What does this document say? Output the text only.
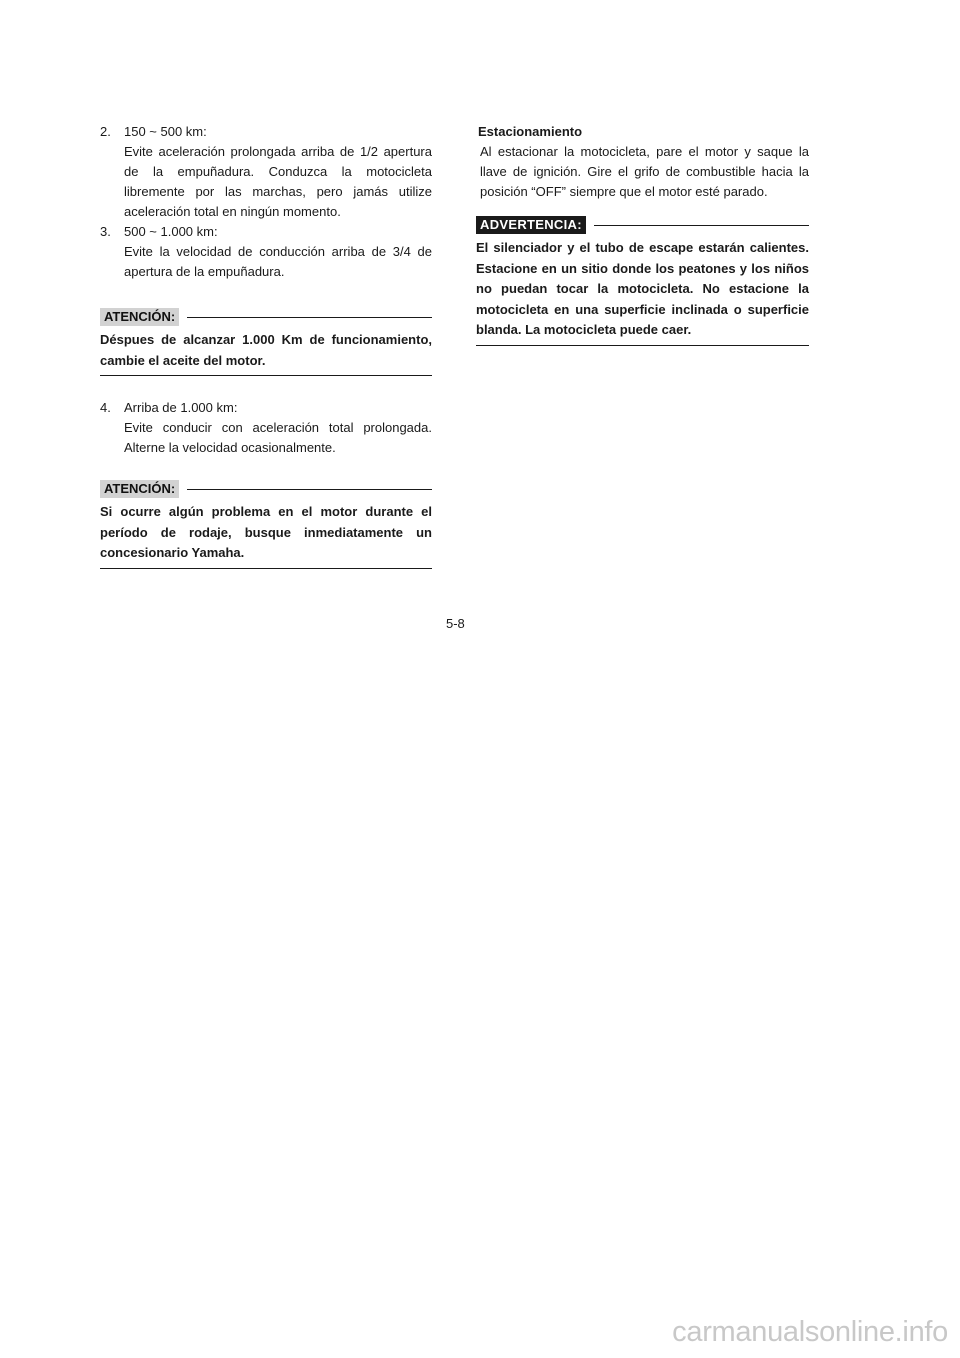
2.	150 ~ 500 km:
Evite aceleración prolongada arriba de 1/2 apertura de la empuñadura. Conduzca la motocicleta libremente por las marchas, pero jamás utilize aceleración total en ningún momento.
3.	500 ~ 1.000 km:
Evite la velocidad de conducción arriba de 3/4 de apertura de la empuñadura.
ATENCIÓN:
Déspues de alcanzar 1.000 Km de funcionamiento, cambie el aceite del motor.
4.	Arriba de 1.000 km:
Evite conducir con aceleración total prolongada. Alterne la velocidad ocasionalmente.
ATENCIÓN:
Si ocurre algún problema en el motor durante el período de rodaje, busque inmediatamente un concesionario Yamaha.
Estacionamiento
Al estacionar la motocicleta, pare el motor y saque la llave de ignición. Gire el grifo de combustible hacia la posición “OFF” siempre que el motor esté parado.
ADVERTENCIA:
El silenciador y el tubo de escape estarán calientes. Estacione en un sitio donde los peatones y los niños no puedan tocar la motocicleta. No estacione la motocicleta en una superficie inclinada o superficie blanda. La motocicleta puede caer.
5-8
carmanualsonline.info
